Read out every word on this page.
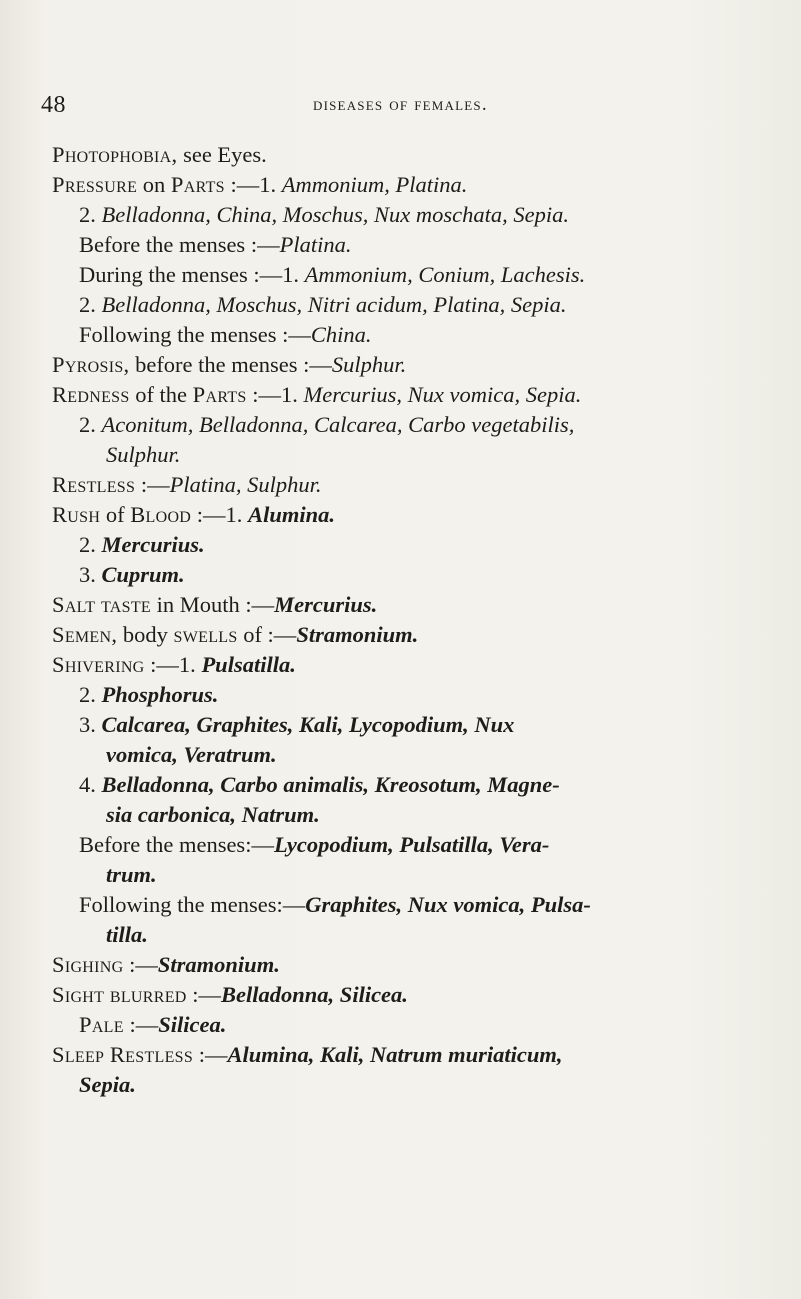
48	diseases of females.
Photophobia, see Eyes.
Pressure on Parts :—1. Ammonium, Platina.
2. Belladonna, China, Moschus, Nux moschata, Sepia.
Before the menses :—Platina.
During the menses :—1. Ammonium, Conium, Lachesis.
2. Belladonna, Moschus, Nitri acidum, Platina, Sepia.
Following the menses :—China.
Pyrosis, before the menses :—Sulphur.
Redness of the Parts :—1. Mercurius, Nux vomica, Sepia.
2. Aconitum, Belladonna, Calcarea, Carbo vegetabilis,
Sulphur.
Restless :—Platina, Sulphur.
Rush of Blood :—1. Alumina.
2. Mercurius.
3. Cuprum.
Salt taste in Mouth :—Mercurius.
Semen, body swells of :—Stramonium.
Shivering :—1. Pulsatilla.
2. Phosphorus.
3. Calcarea, Graphites, Kali, Lycopodium, Nux
vomica, Veratrum.
4. Belladonna, Carbo animalis, Kreosotum, Magne-
sia carbonica, Natrum.
Before the menses:—Lycopodium, Pulsatilla, Vera-
trum.
Following the menses:—Graphites, Nux vomica, Pulsa-
tilla.
Sighing :—Stramonium.
Sight blurred :—Belladonna, Silicea.
Pale :—Silicea.
Sleep Restless :—Alumina, Kali, Natrum muriaticum,
Sepia.
